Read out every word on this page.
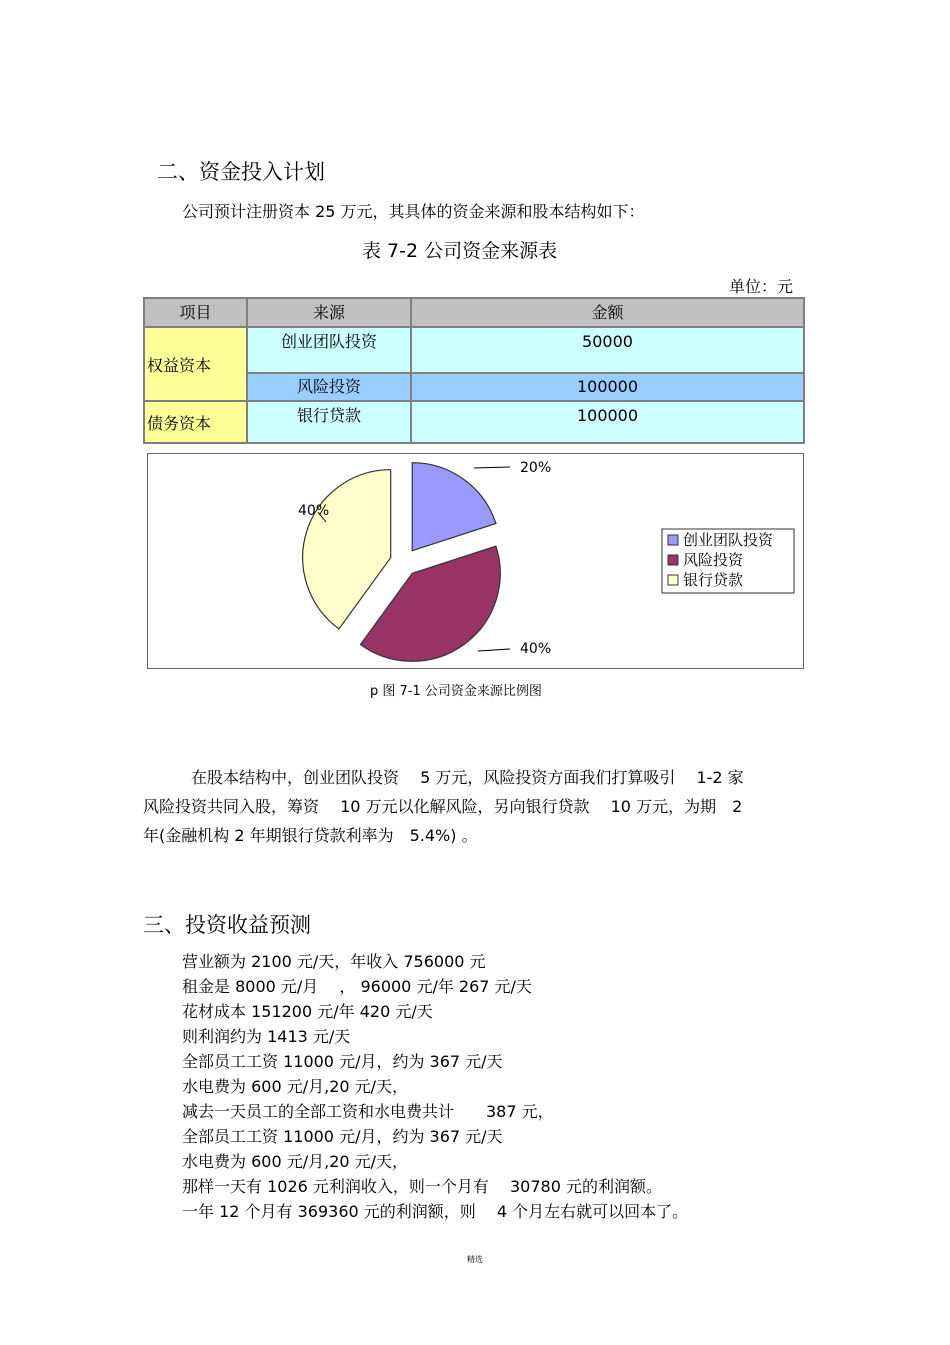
二、资金投入计划
公司预计注册资本 25 万元，其具体的资金来源和股本结构如下：
表 7-2 公司资金来源表
单位：元
项目	来源	金额
权益资本	创业团队投资	50000
	风险投资	100000
债务资本	银行贷款	100000
20%
40%
40%
创业团队投资
风险投资
银行贷款
p 图 7-1 公司资金来源比例图

在股本结构中，创业团队投资　 5 万元，风险投资方面我们打算吸引　 1-2 家

风险投资共同入股，筹资　 10 万元以化解风险，另向银行贷款　 10 万元，为期　2

年(金融机构 2 年期银行贷款利率为　5.4%) 。

三、投资收益预测

营业额为 2100 元/天，年收入 756000 元

租金是 8000 元/月　 ， 96000 元/年 267 元/天

花材成本 151200 元/年 420 元/天

则利润约为 1413 元/天

全部员工工资 11000 元/月，约为 367 元/天

水电费为 600 元/月,20 元/天，

减去一天员工的全部工资和水电费共计　　387 元，

全部员工工资 11000 元/月，约为 367 元/天

水电费为 600 元/月,20 元/天，

那样一天有 1026 元利润收入，则一个月有　 30780 元的利润额。

一年 12 个月有 369360 元的利润额，则　 4 个月左右就可以回本了。

精选
